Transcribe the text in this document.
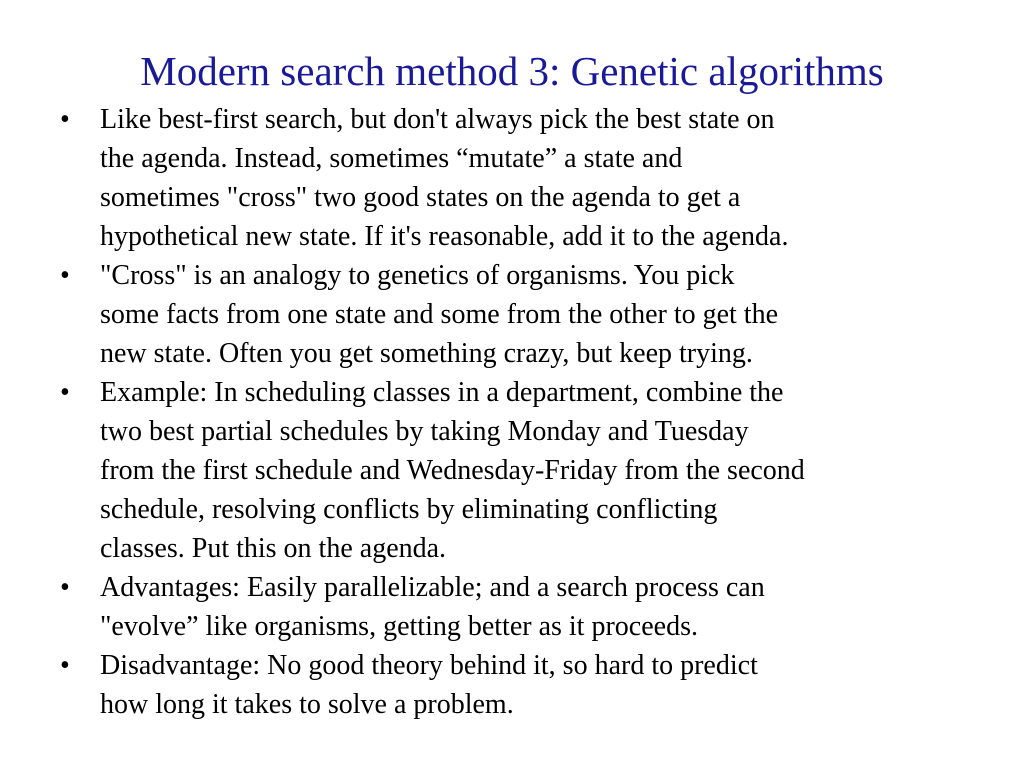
Modern search method 3: Genetic algorithms
• Like best-first search, but don't always pick the best state on
the agenda. Instead, sometimes “mutate” a state and
sometimes "cross" two good states on the agenda to get a
hypothetical new state. If it's reasonable, add it to the agenda.
• "Cross" is an analogy to genetics of organisms. You pick
some facts from one state and some from the other to get the
new state. Often you get something crazy, but keep trying.
• Example: In scheduling classes in a department, combine the
two best partial schedules by taking Monday and Tuesday
from the first schedule and Wednesday-Friday from the second
schedule, resolving conflicts by eliminating conflicting
classes. Put this on the agenda.
• Advantages: Easily parallelizable; and a search process can
"evolve” like organisms, getting better as it proceeds.
• Disadvantage: No good theory behind it, so hard to predict
how long it takes to solve a problem.
